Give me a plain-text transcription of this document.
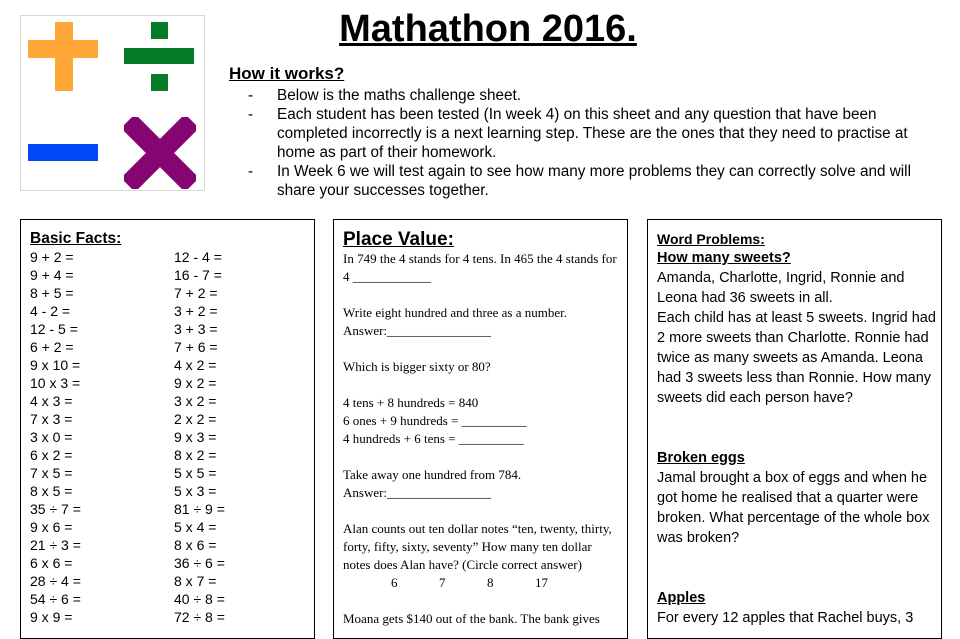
Mathathon 2016.
How it works?
- Below is the maths challenge sheet.
- Each student has been tested (In week 4) on this sheet and any question that have been completed incorrectly is a next learning step. These are the ones that they need to practise at home as part of their homework.
- In Week 6 we will test again to see how many more problems they can correctly solve and will share your successes together.
Basic Facts:
9 + 2 =	12 - 4 =
9 + 4 =	16 - 7 =
8 + 5 =	7 + 2 =
4 - 2 =	3 + 2 =
12 - 5 =	3 + 3 =
6 + 2 =	7 + 6 =
9 x 10 =	4 x 2 =
10 x 3 =	9 x 2 =
4 x 3 =	3 x 2 =
7 x 3 =	2 x 2 =
3 x 0 =	9 x 3 =
6 x 2 =	8 x 2 =
7 x 5 =	5 x 5 =
8 x 5 =	5 x 3 =
35 ÷ 7 =	81 ÷ 9 =
9 x 6 =	5 x 4 =
21 ÷ 3 =	8 x 6 =
6 x 6 =	36 ÷ 6 =
28 ÷ 4 =	8 x 7 =
54 ÷ 6 =	40 ÷ 8 =
9 x 9 =	72 ÷ 8 =
Place Value:

In 749 the 4 stands for 4 tens. In 465 the 4 stands for 4 ____________

Write eight hundred and three as a number.
Answer:________________

Which is bigger sixty or 80?

4 tens + 8 hundreds = 840
6 ones + 9 hundreds = __________
4 hundreds + 6 tens = __________

Take away one hundred from 784.
Answer:________________

Alan counts out ten dollar notes “ten, twenty, thirty, forty, fifty, sixty, seventy” How many ten dollar notes does Alan have? (Circle correct answer)

6	7	8	17

Moana gets $140 out of the bank. The bank gives

Word Problems:
How many sweets?

Amanda, Charlotte, Ingrid, Ronnie and Leona had 36 sweets in all.

Each child has at least 5 sweets. Ingrid had 2 more sweets than Charlotte. Ronnie had twice as many sweets as Amanda. Leona had 3 sweets less than Ronnie. How many sweets did each person have?

Broken eggs

Jamal brought a box of eggs and when he got home he realised that a quarter were broken. What percentage of the whole box was broken?

Apples

For every 12 apples that Rachel buys, 3
